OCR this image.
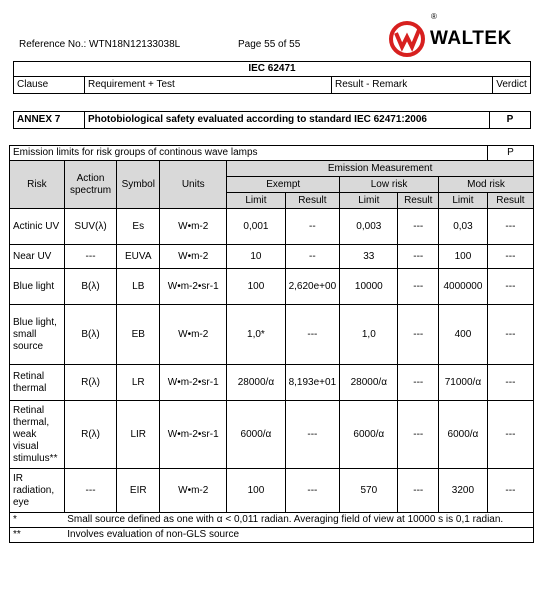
Reference No.: WTN18N12133038L	Page 55 of 55
®
WALTEK
IEC 62471
Clause	Requirement + Test	Result - Remark	Verdict
ANNEX 7	Photobiological safety evaluated according to standard IEC 62471:2006	P
Emission limits for risk groups of continous wave lamps									P
Risk	Action spectrum	Symbol	Units	Emission Measurement					
				Exempt		Low risk		Mod risk	
				Limit	Result	Limit	Result	Limit	Result
Actinic UV	SUV(λ)	Es	W•m-2	0,001	--	0,003	---	0,03	---
Near UV	---	EUVA	W•m-2	10	--	33	---	100	---
Blue light	B(λ)	LB	W•m-2•sr-1	100	2,620e+00	10000	---	4000000	---
Blue light, small source	B(λ)	EB	W•m-2	1,0*	---	1,0	---	400	---
Retinal thermal	R(λ)	LR	W•m-2•sr-1	28000/α	8,193e+01	28000/α	---	71000/α	---
Retinal thermal, weak visual stimulus**	R(λ)	LIR	W•m-2•sr-1	6000/α	---	6000/α	---	6000/α	---
IR radiation, eye	---	EIR	W•m-2	100	---	570	---	3200	---
*	Small source defined as one with α < 0,011 radian. Averaging field of view at 10000 s is 0,1 radian.								
**	Involves evaluation of non-GLS source								
